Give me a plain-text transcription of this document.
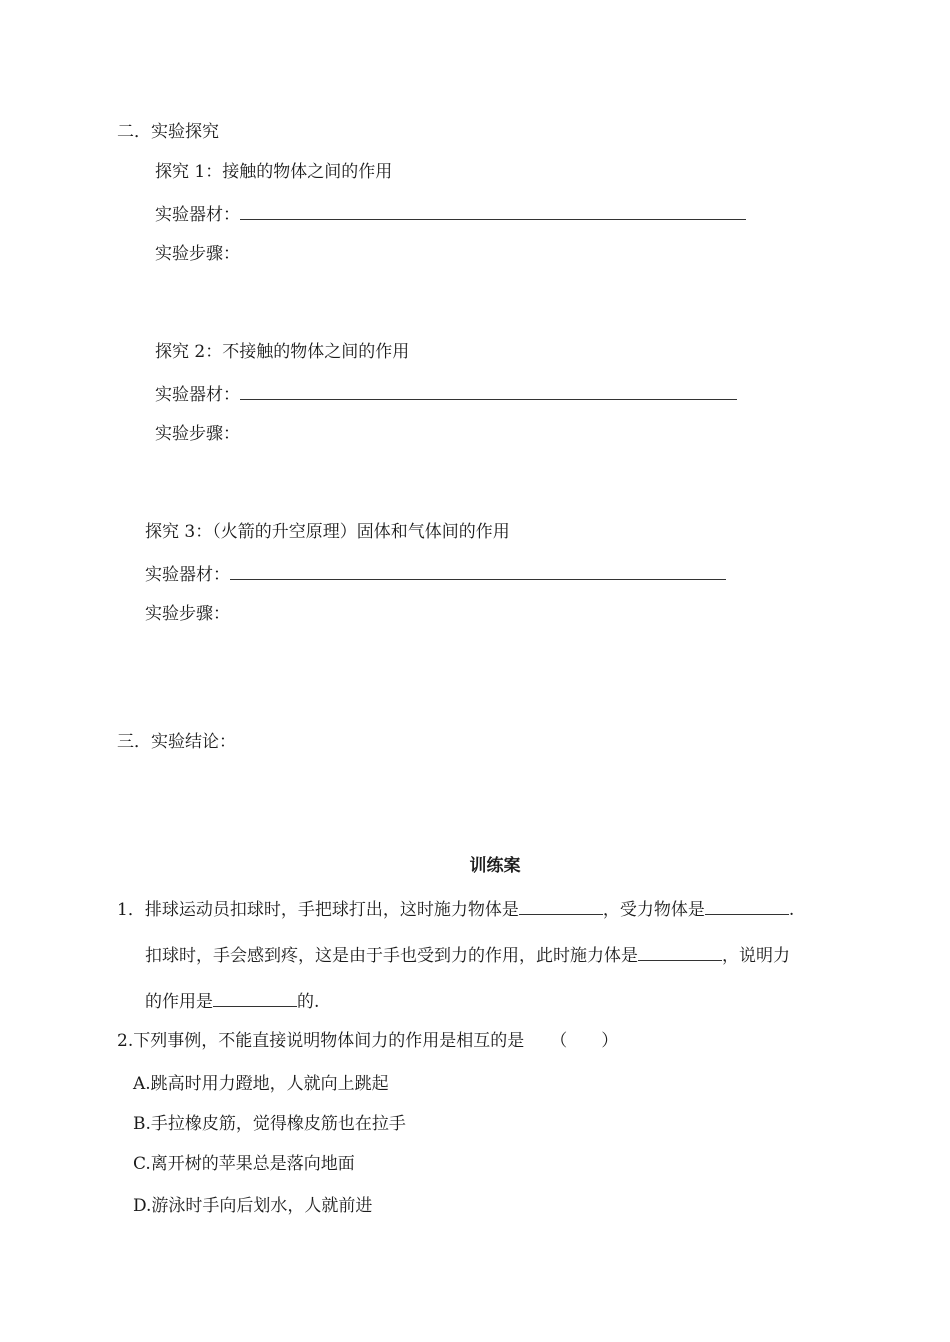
二．实验探究
探究 1：接触的物体之间的作用
实验器材：
实验步骤：
探究 2：不接触的物体之间的作用
实验器材：
实验步骤：
探究 3：（火箭的升空原理）固体和气体间的作用
实验器材：
实验步骤：
三．实验结论：
训练案
1．排球运动员扣球时，手把球打出，这时施力物体是	，受力物体是	.
扣球时，手会感到疼，这是由于手也受到力的作用，此时施力体是	，说明力
的作用是	的.
2.下列事例，不能直接说明物体间力的作用是相互的是 （　　）
A.跳高时用力蹬地，人就向上跳起
B.手拉橡皮筋，觉得橡皮筋也在拉手
C.离开树的苹果总是落向地面
D.游泳时手向后划水，人就前进
